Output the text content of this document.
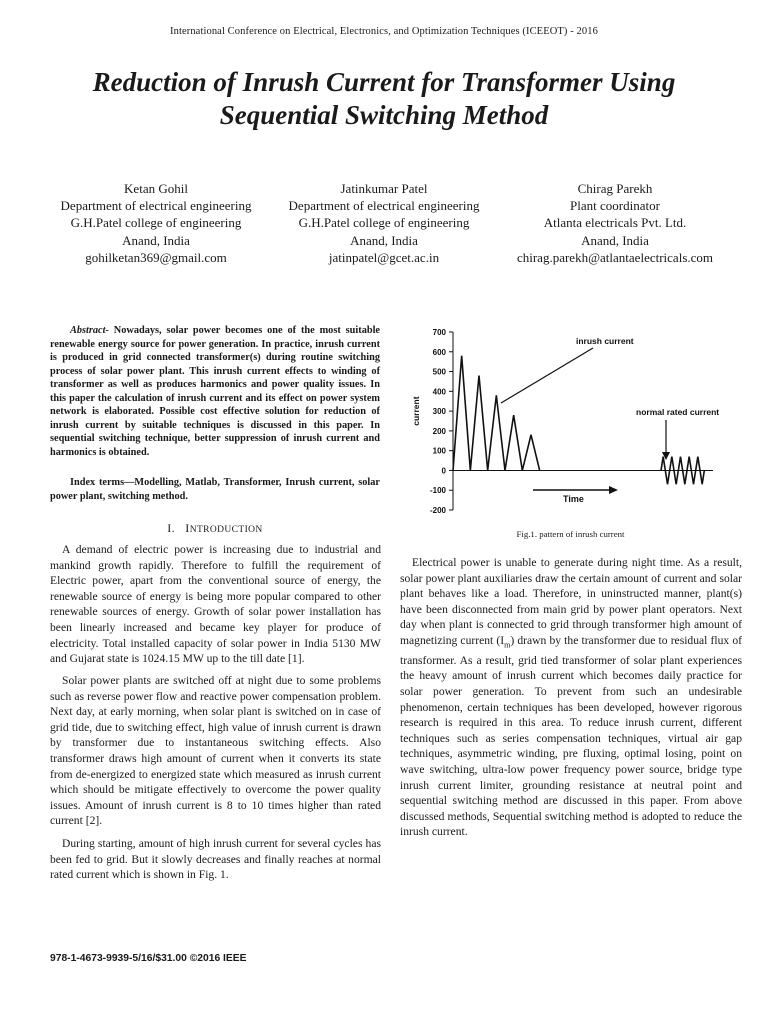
International Conference on Electrical, Electronics, and Optimization Techniques (ICEEOT) - 2016
Reduction of Inrush Current for Transformer Using
Sequential Switching Method
Ketan Gohil
Department of electrical engineering
G.H.Patel college of engineering
Anand, India
gohilketan369@gmail.com
Jatinkumar Patel
Department of electrical engineering
G.H.Patel college of engineering
Anand, India
jatinpatel@gcet.ac.in
Chirag Parekh
Plant coordinator
Atlanta electricals Pvt. Ltd.
Anand, India
chirag.parekh@atlantaelectricals.com

Abstract- Nowadays, solar power becomes one of the most suitable renewable energy source for power generation. In practice, inrush current is produced in grid connected transformer(s) during routine switching process of solar power plant. This inrush current effects to winding of transformer as well as produces harmonics and power quality issues. In this paper the calculation of inrush current and its effect on power system network is elaborated. Possible cost effective solution for reduction of inrush current by suitable techniques is discussed in this paper. In sequential switching technique, better suppression of inrush current and harmonics is obtained.

Index terms—Modelling, Matlab, Transformer, Inrush current, solar power plant, switching method.

I. INTRODUCTION

A demand of electric power is increasing due to industrial and mankind growth rapidly. Therefore to fulfill the requirement of Electric power, apart from the conventional source of energy, the renewable source of energy is being more popular compared to other renewable sources of energy. Growth of solar power installation has been linearly increased and became key player for produce of electricity. Total installed capacity of solar power in India 5130 MW and Gujarat state is 1024.15 MW up to the till date [1].

Solar power plants are switched off at night due to some problems such as reverse power flow and reactive power compensation problem. Next day, at early morning, when solar plant is switched on in case of grid tide, due to switching effect, high value of inrush current is drawn by transformer due to instantaneous switching effects. Also transformer draws high amount of current when it converts its state from de-energized to energized state which measured as inrush current which should be mitigate effectively to overcome the power quality issues. Amount of inrush current is 8 to 10 times higher than rated current [2].

During starting, amount of high inrush current for several cycles has been fed to grid. But it slowly decreases and finally reaches at normal rated current which is shown in Fig. 1.

-200
-100
0
100
200
300
400
500
600
700
current
inrush current
normal rated current
Time
Fig.1. pattern of inrush current

Electrical power is unable to generate during night time. As a result, solar power plant auxiliaries draw the certain amount of current and solar plant behaves like a load. Therefore, in uninstructed manner, plant(s) have been disconnected from main grid by power plant operators. Next day when plant is connected to grid through transformer high amount of magnetizing current $(I_m)$ drawn by the transformer due to residual flux of transformer. As a result, grid tied transformer of solar plant experiences the heavy amount of inrush current which becomes daily practice for solar power generation. To prevent from such an undesirable phenomenon, certain techniques has been developed, however rigorous research is required in this area. To reduce inrush current, different techniques such as series compensation techniques, virtual air gap techniques, asymmetric winding, pre fluxing, optimal losing, point on wave switching, ultra-low power frequency power source, bridge type inrush current limiter, grounding resistance at neutral point and sequential switching method are discussed in this paper. From above discussed methods, Sequential switching method is adopted to reduce the inrush current.

978-1-4673-9939-5/16/$31.00 ©2016 IEEE
